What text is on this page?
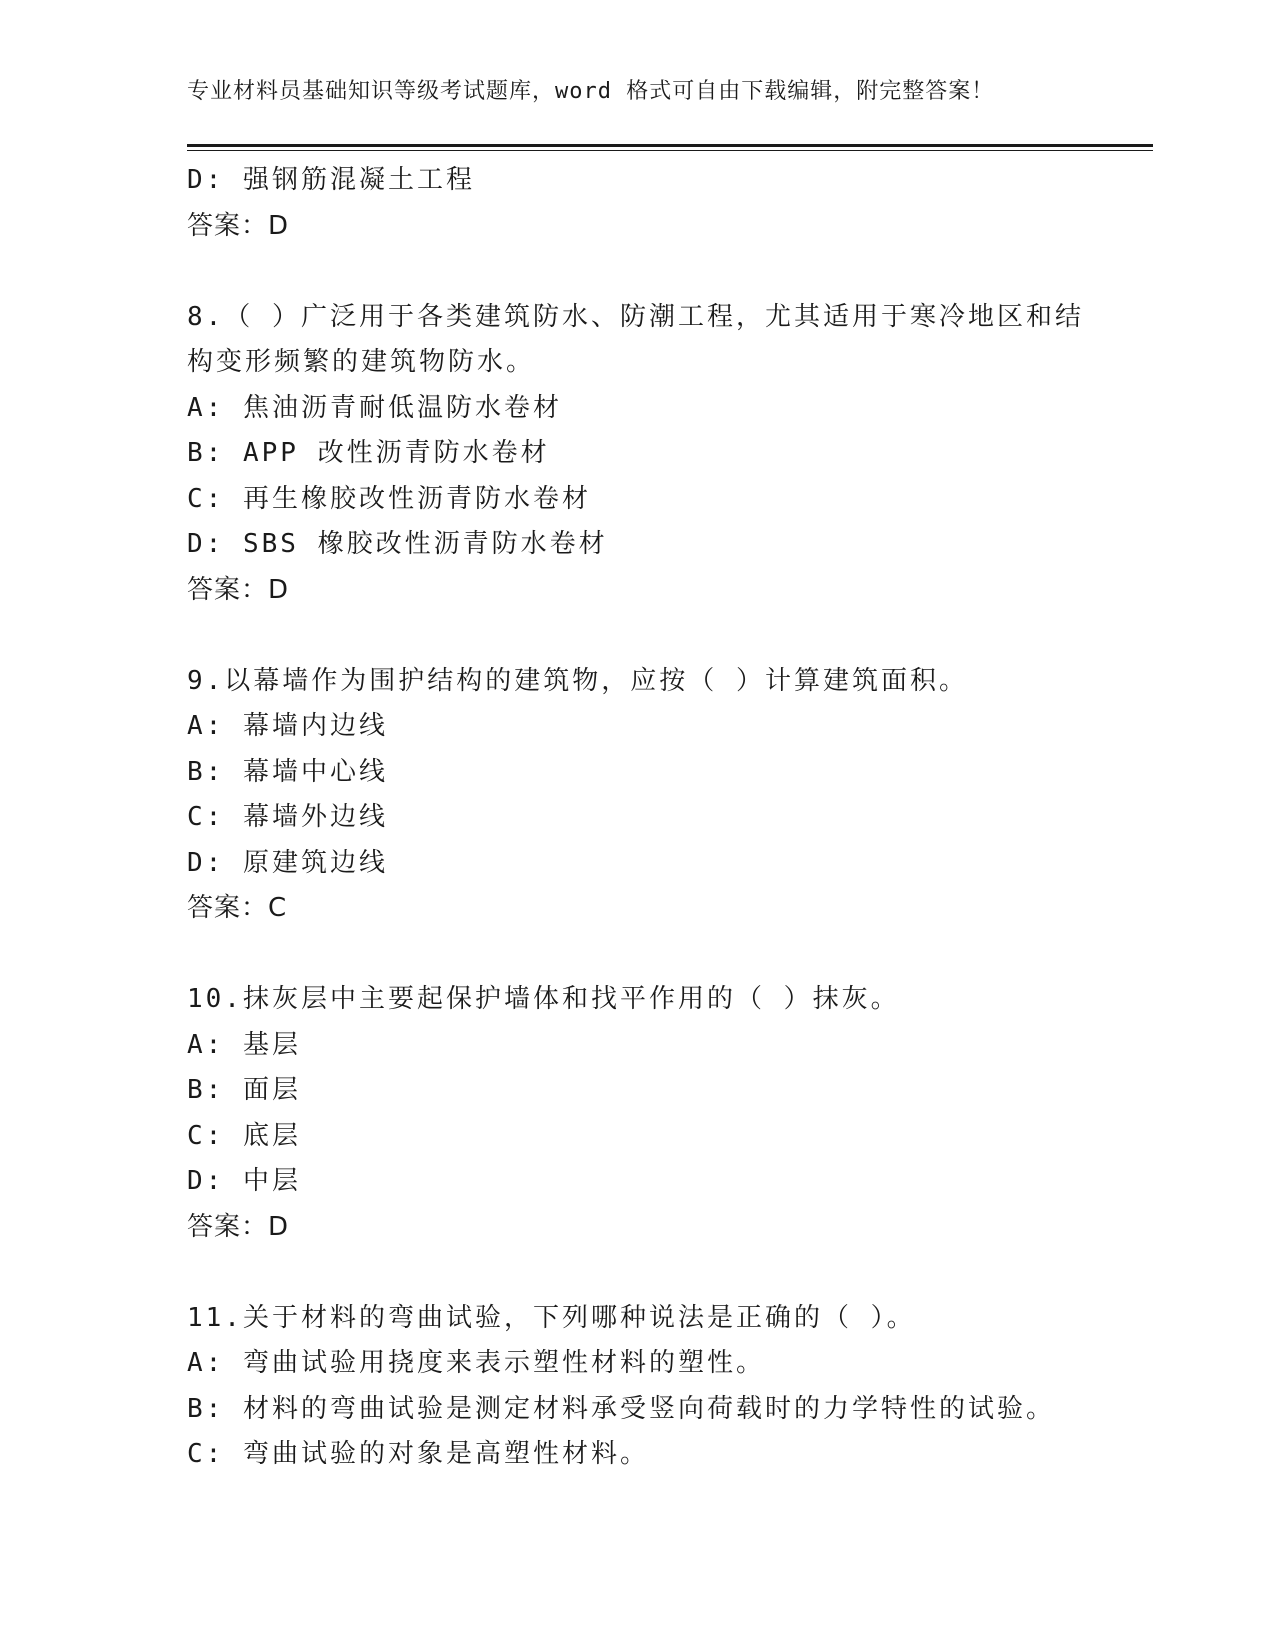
专业材料员基础知识等级考试题库，word 格式可自由下载编辑，附完整答案！
D: 强钢筋混凝土工程
答案：D
8.（ ）广泛用于各类建筑防水、防潮工程，尤其适用于寒冷地区和结
构变形频繁的建筑物防水。
A: 焦油沥青耐低温防水卷材
B: APP 改性沥青防水卷材
C: 再生橡胶改性沥青防水卷材
D: SBS 橡胶改性沥青防水卷材
答案：D
9.以幕墙作为围护结构的建筑物，应按（ ）计算建筑面积。
A: 幕墙内边线
B: 幕墙中心线
C: 幕墙外边线
D: 原建筑边线
答案：C
10.抹灰层中主要起保护墙体和找平作用的（ ）抹灰。
A: 基层
B: 面层
C: 底层
D: 中层
答案：D
11.关于材料的弯曲试验，下列哪种说法是正确的（ ）。
A: 弯曲试验用挠度来表示塑性材料的塑性。
B: 材料的弯曲试验是测定材料承受竖向荷载时的力学特性的试验。
C: 弯曲试验的对象是高塑性材料。
